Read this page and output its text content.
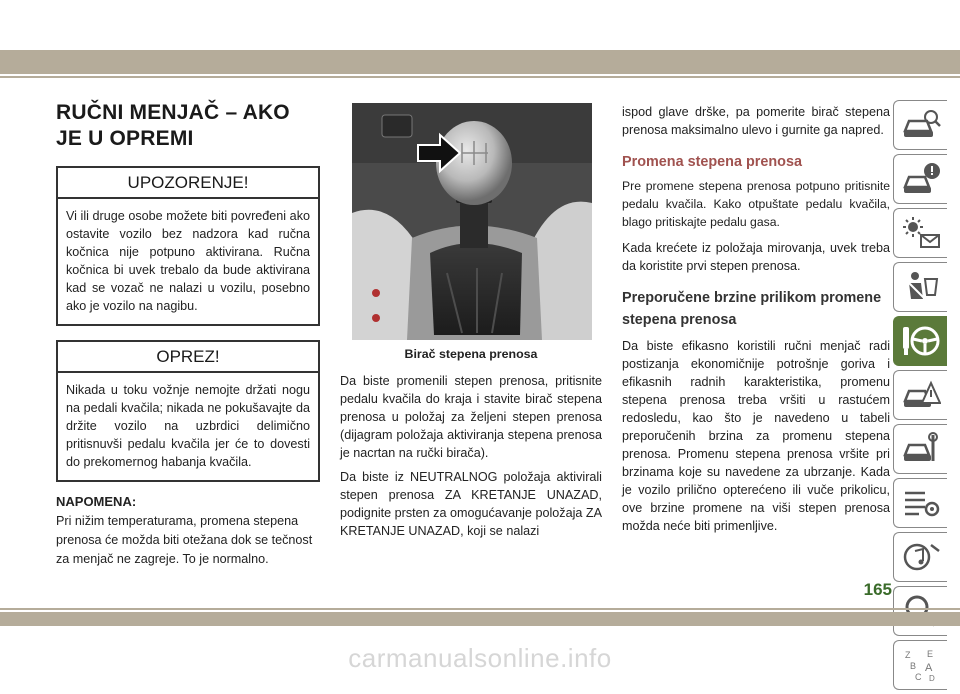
RUČNI MENJAČ – AKO JE U OPREMI
UPOZORENJE!
Vi ili druge osobe možete biti povređeni ako ostavite vozilo bez nadzora kad ručna kočnica nije potpuno aktivirana. Ručna kočnica bi uvek trebalo da bude aktivirana kad se vozač ne nalazi u vozilu, posebno ako je vozilo na nagibu.
OPREZ!
Nikada u toku vožnje nemojte držati nogu na pedali kvačila; nikada ne pokušavajte da držite vozilo na uzbrdici delimično pritisnuvši pedalu kvačila jer će to dovesti do prekomernog habanja kvačila.
NAPOMENA:
Pri nižim temperaturama, promena stepena prenosa će možda biti otežana dok se tečnost za menjač ne zagreje. To je normalno.
Birač stepena prenosa
Da biste promenili stepen prenosa, pritisnite pedalu kvačila do kraja i stavite birač stepena prenosa u položaj za željeni stepen prenosa (dijagram položaja aktiviranja stepena prenosa je nacrtan na ručki birača).
Da biste iz NEUTRALNOG položaja aktivirali stepen prenosa ZA KRETANJE UNAZAD, podignite prsten za omogućavanje položaja ZA KRETANJE UNAZAD, koji se nalazi
ispod glave drške, pa pomerite birač stepena prenosa maksimalno ulevo i gurnite ga napred.
Promena stepena prenosa
Pre promene stepena prenosa potpuno pritisnite pedalu kvačila. Kako otpuštate pedalu kvačila, blago pritiskajte pedalu gasa.
Kada krećete iz položaja mirovanja, uvek treba da koristite prvi stepen prenosa.
Preporučene brzine prilikom promene stepena prenosa
Da biste efikasno koristili ručni menjač radi postizanja ekonomičnije potrošnje goriva i efikasnih radnih karakteristika, promenu stepena prenosa treba vršiti u rastućem redosledu, kao što je navedeno u tabeli preporučenih brzina za promenu stepena prenosa. Promenu stepena prenosa vršite pri brzinama koje su navedene za ubrzanje. Kada je vozilo prilično opterećeno ili vuče prikolicu, ove brzine promene na viši stepen prenosa možda neće biti primenljive.
Z E
B A
C D
165
carmanualsonline.info
